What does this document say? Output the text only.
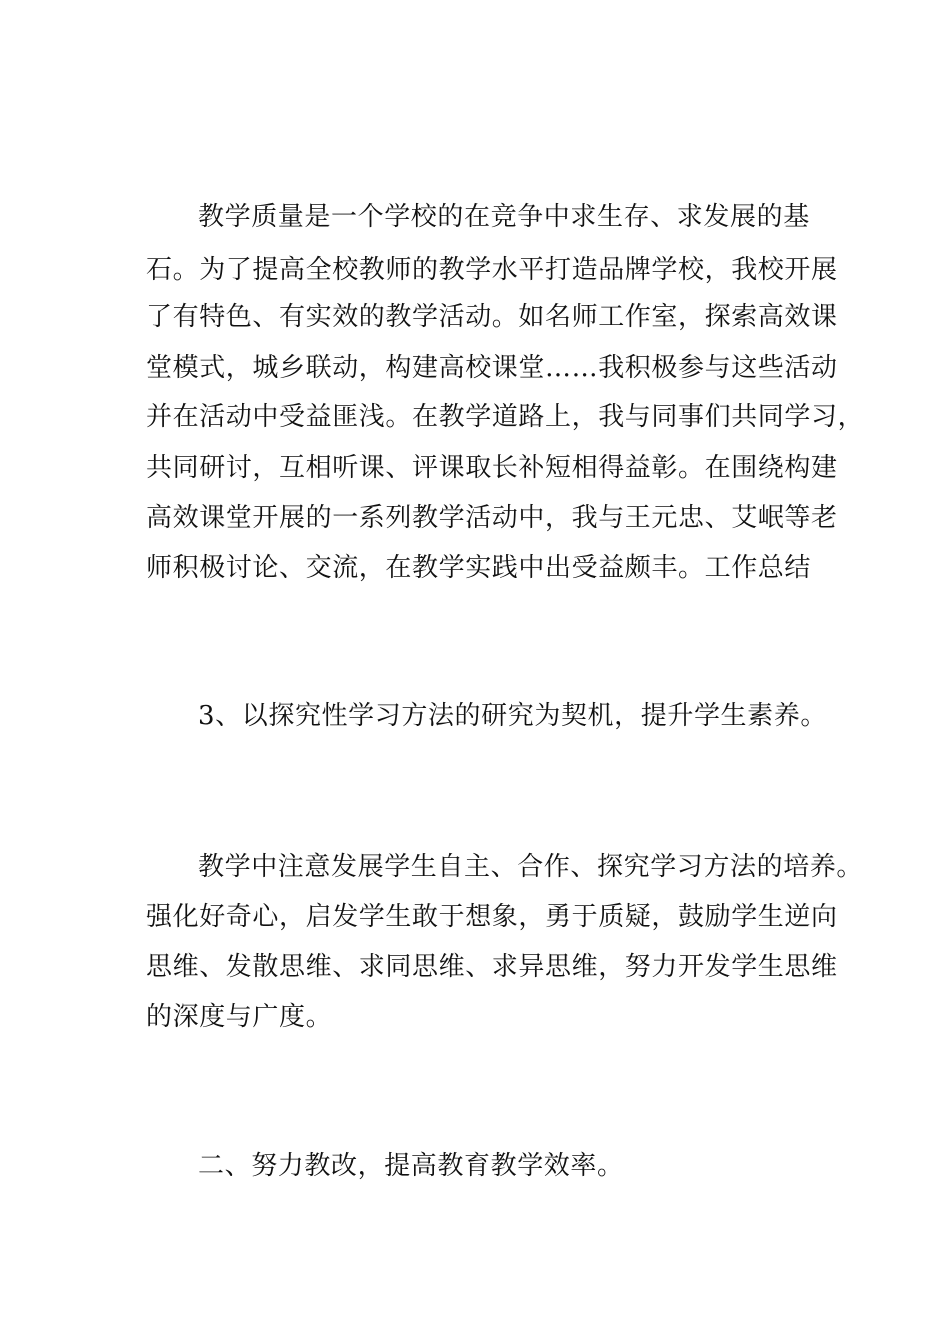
教学质量是一个学校的在竞争中求生存、求发展的基

石。为了提高全校教师的教学水平打造品牌学校，我校开展

了有特色、有实效的教学活动。如名师工作室，探索高效课

堂模式，城乡联动，构建高校课堂……我积极参与这些活动

并在活动中受益匪浅。在教学道路上，我与同事们共同学习，

共同研讨，互相听课、评课取长补短相得益彰。在围绕构建

高效课堂开展的一系列教学活动中，我与王元忠、艾岷等老

师积极讨论、交流，在教学实践中出受益颇丰。工作总结

3、以探究性学习方法的研究为契机，提升学生素养。

教学中注意发展学生自主、合作、探究学习方法的培养。

强化好奇心，启发学生敢于想象，勇于质疑，鼓励学生逆向

思维、发散思维、求同思维、求异思维，努力开发学生思维

的深度与广度。

二、努力教改，提高教育教学效率。
